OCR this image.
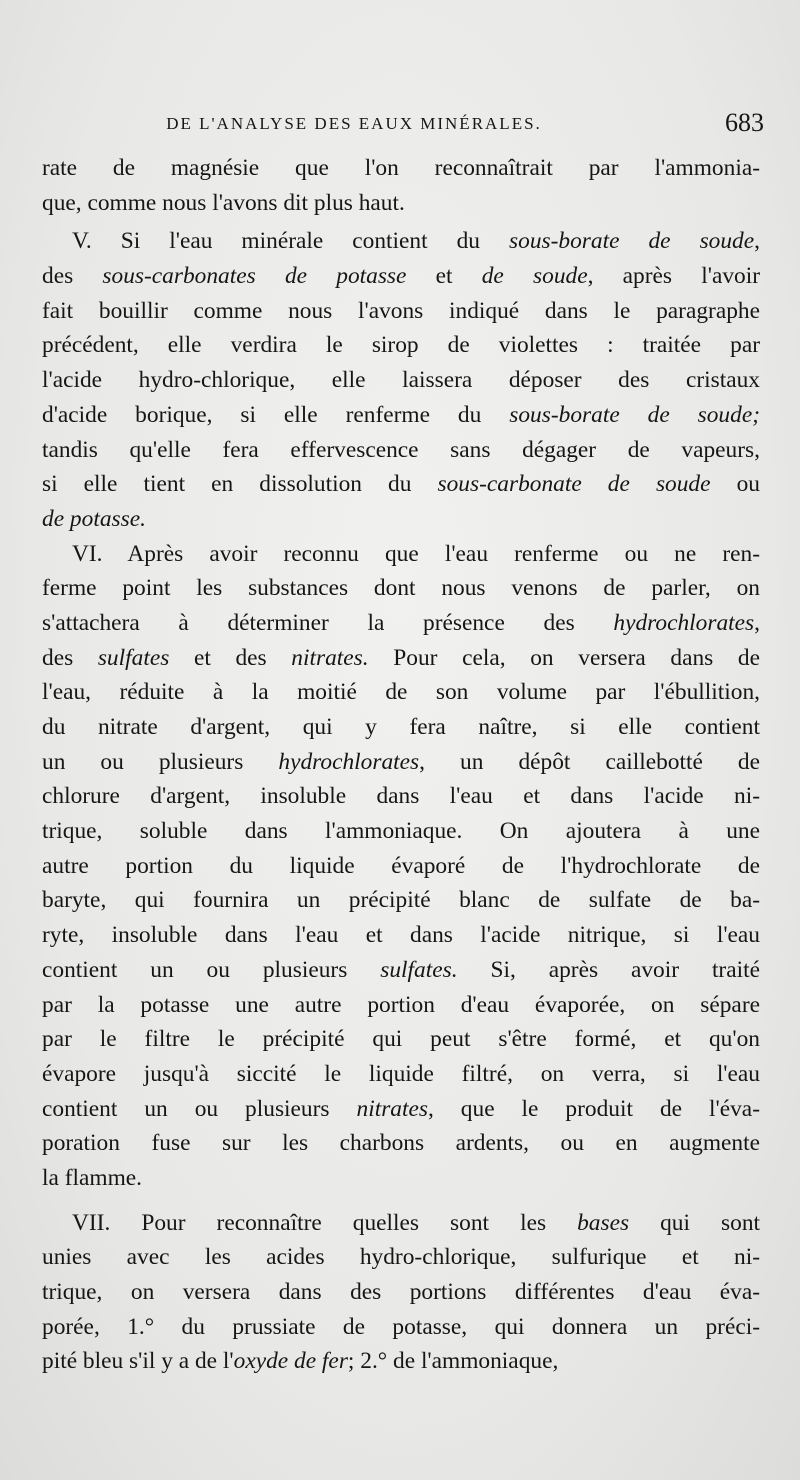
DE L'ANALYSE DES EAUX MINÉRALES.	683
rate de magnésie que l'on reconnaîtrait par l'ammonia-
que, comme nous l'avons dit plus haut.
V. Si l'eau minérale contient du sous-borate de soude,
des sous-carbonates de potasse et de soude, après l'avoir
fait bouillir comme nous l'avons indiqué dans le paragraphe
précédent, elle verdira le sirop de violettes : traitée par
l'acide hydro-chlorique, elle laissera déposer des cristaux
d'acide borique, si elle renferme du sous-borate de soude;
tandis qu'elle fera effervescence sans dégager de vapeurs,
si elle tient en dissolution du sous-carbonate de soude ou
de potasse.
VI. Après avoir reconnu que l'eau renferme ou ne ren-
ferme point les substances dont nous venons de parler, on
s'attachera à déterminer la présence des hydrochlorates,
des sulfates et des nitrates. Pour cela, on versera dans de
l'eau, réduite à la moitié de son volume par l'ébullition,
du nitrate d'argent, qui y fera naître, si elle contient
un ou plusieurs hydrochlorates, un dépôt caillebotté de
chlorure d'argent, insoluble dans l'eau et dans l'acide ni-
trique, soluble dans l'ammoniaque. On ajoutera à une
autre portion du liquide évaporé de l'hydrochlorate de
baryte, qui fournira un précipité blanc de sulfate de ba-
ryte, insoluble dans l'eau et dans l'acide nitrique, si l'eau
contient un ou plusieurs sulfates. Si, après avoir traité
par la potasse une autre portion d'eau évaporée, on sépare
par le filtre le précipité qui peut s'être formé, et qu'on
évapore jusqu'à siccité le liquide filtré, on verra, si l'eau
contient un ou plusieurs nitrates, que le produit de l'éva-
poration fuse sur les charbons ardents, ou en augmente
la flamme.
VII. Pour reconnaître quelles sont les bases qui sont
unies avec les acides hydro-chlorique, sulfurique et ni-
trique, on versera dans des portions différentes d'eau éva-
porée, 1.° du prussiate de potasse, qui donnera un préci-
pité bleu s'il y a de l'oxyde de fer; 2.° de l'ammoniaque,
